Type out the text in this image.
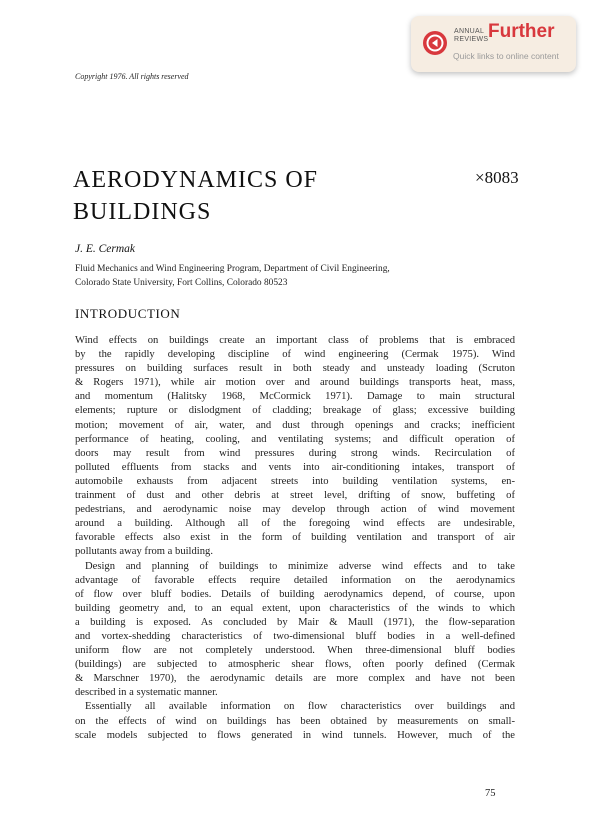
ANNUAL
REVIEWS Further
Quick links to online content
Copyright 1976. All rights reserved
AERODYNAMICS OF BUILDINGS
×8083
J. E. Cermak
Fluid Mechanics and Wind Engineering Program, Department of Civil Engineering,
Colorado State University, Fort Collins, Colorado 80523
INTRODUCTION
Wind effects on buildings create an important class of problems that is embraced
by the rapidly developing discipline of wind engineering (Cermak 1975). Wind
pressures on building surfaces result in both steady and unsteady loading (Scruton
& Rogers 1971), while air motion over and around buildings transports heat, mass,
and momentum (Halitsky 1968, McCormick 1971). Damage to main structural
elements; rupture or dislodgment of cladding; breakage of glass; excessive building
motion; movement of air, water, and dust through openings and cracks; inefficient
performance of heating, cooling, and ventilating systems; and difficult operation of
doors may result from wind pressures during strong winds. Recirculation of
polluted effluents from stacks and vents into air-conditioning intakes, transport of
automobile exhausts from adjacent streets into building ventilation systems, en-
trainment of dust and other debris at street level, drifting of snow, buffeting of
pedestrians, and aerodynamic noise may develop through action of wind movement
around a building. Although all of the foregoing wind effects are undesirable,
favorable effects also exist in the form of building ventilation and transport of air
pollutants away from a building.
Design and planning of buildings to minimize adverse wind effects and to take
advantage of favorable effects require detailed information on the aerodynamics
of flow over bluff bodies. Details of building aerodynamics depend, of course, upon
building geometry and, to an equal extent, upon characteristics of the winds to which
a building is exposed. As concluded by Mair & Maull (1971), the flow-separation
and vortex-shedding characteristics of two-dimensional bluff bodies in a well-defined
uniform flow are not completely understood. When three-dimensional bluff bodies
(buildings) are subjected to atmospheric shear flows, often poorly defined (Cermak
& Marschner 1970), the aerodynamic details are more complex and have not been
described in a systematic manner.
Essentially all available information on flow characteristics over buildings and
on the effects of wind on buildings has been obtained by measurements on small-
scale models subjected to flows generated in wind tunnels. However, much of the
75
